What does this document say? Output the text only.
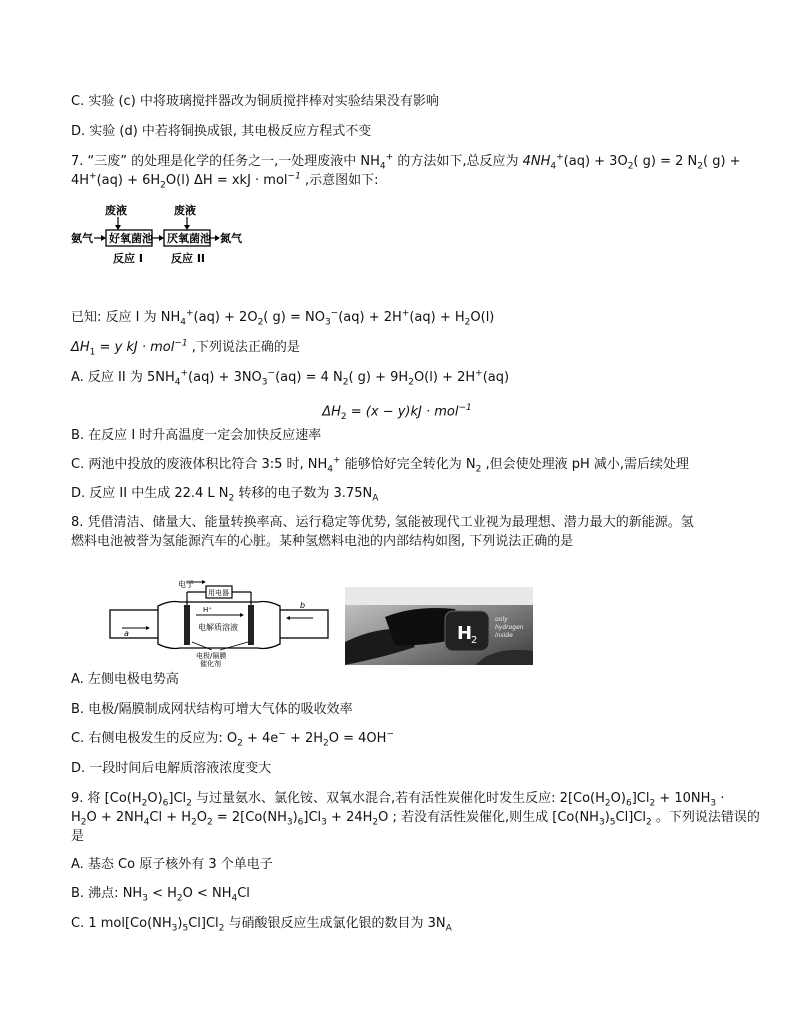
C. 实验 (c) 中将玻璃搅拌器改为铜质搅拌棒对实验结果没有影响
D. 实验 (d) 中若将铜换成银, 其电极反应方程式不变
7. “三废” 的处理是化学的任务之一,一处理废液中 $NH_4^+$ 的方法如下,总反应为 $4NH_4^+(aq) + 3O_2$( g) = 2 $N_2$( g) +
$4H^+(aq) + 6H_2O(l) \Delta H$ = xkJ · mol$^{-1}$ ,示意图如下:
废液	废液
氨气 好氧菌池 厌氧菌池 氮气
反应 I	反应 II
已知: 反应 I 为 $NH_4^+(aq) + 2O_2$( $g) = NO_3^-(aq) + 2H^+(aq) + H_2O(l)$
$\Delta H_1 = y$ kJ · mol$^{-1}$ ,下列说法正确的是
A. 反应 II 为 $5NH_4^+(aq) + 3NO_3^-(aq) = 4$ $N_2$( $g) + 9H_2O(l) + 2H^+(aq)$
$\Delta H_2 = (x - y)kJ \cdot mol^{-1}$
B. 在反应 I 时升高温度一定会加快反应速率
C. 两池中投放的废液体积比符合 3:5 时, $NH_4^+$ 能够恰好完全转化为 $N_2$ ,但会使处理液 pH 减小,需后续处理
D. 反应 II 中生成 22.4 L $N_2$ 转移的电子数为 $3.75N_A$
8. 凭借清洁、储量大、能量转换率高、运行稳定等优势, 氢能被现代工业视为最理想、潜力最大的新能源。氢
燃料电池被誉为氢能源汽车的心脏。某种氢燃料电池的内部结构如图, 下列说法正确的是
用电器
电子
H⁺
电解质溶液
电极/隔膜
催化剂
a
b
H
2
only
hydrogen
inside
A. 左侧电极电势高
B. 电极/隔膜制成网状结构可增大气体的吸收效率
C. 右侧电极发生的反应为: $O_2 + 4e^- + 2H_2O = 4OH^-$
D. 一段时间后电解质溶液浓度变大
9. 将 $[Co(H_2O)_6]Cl_2$ 与过量氨水、氯化铵、双氧水混合,若有活性炭催化时发生反应: $2[Co(H_2O)_6]Cl_2 + 10NH_3$ ·
$H_2O + 2NH_4Cl + H_2O_2 = 2[Co(NH_3)_6]Cl_3 + 24H_2O$ ; 若没有活性炭催化,则生成 $[Co(NH_3)_5Cl]Cl_2$ 。下列说法错误的
是
A. 基态 Co 原子核外有 3 个单电子
B. 沸点: $NH_3 < H_2O < NH_4Cl$
C. 1 $mol[Co(NH_3)_5Cl]Cl_2$ 与硝酸银反应生成氯化银的数目为 $3N_A$
